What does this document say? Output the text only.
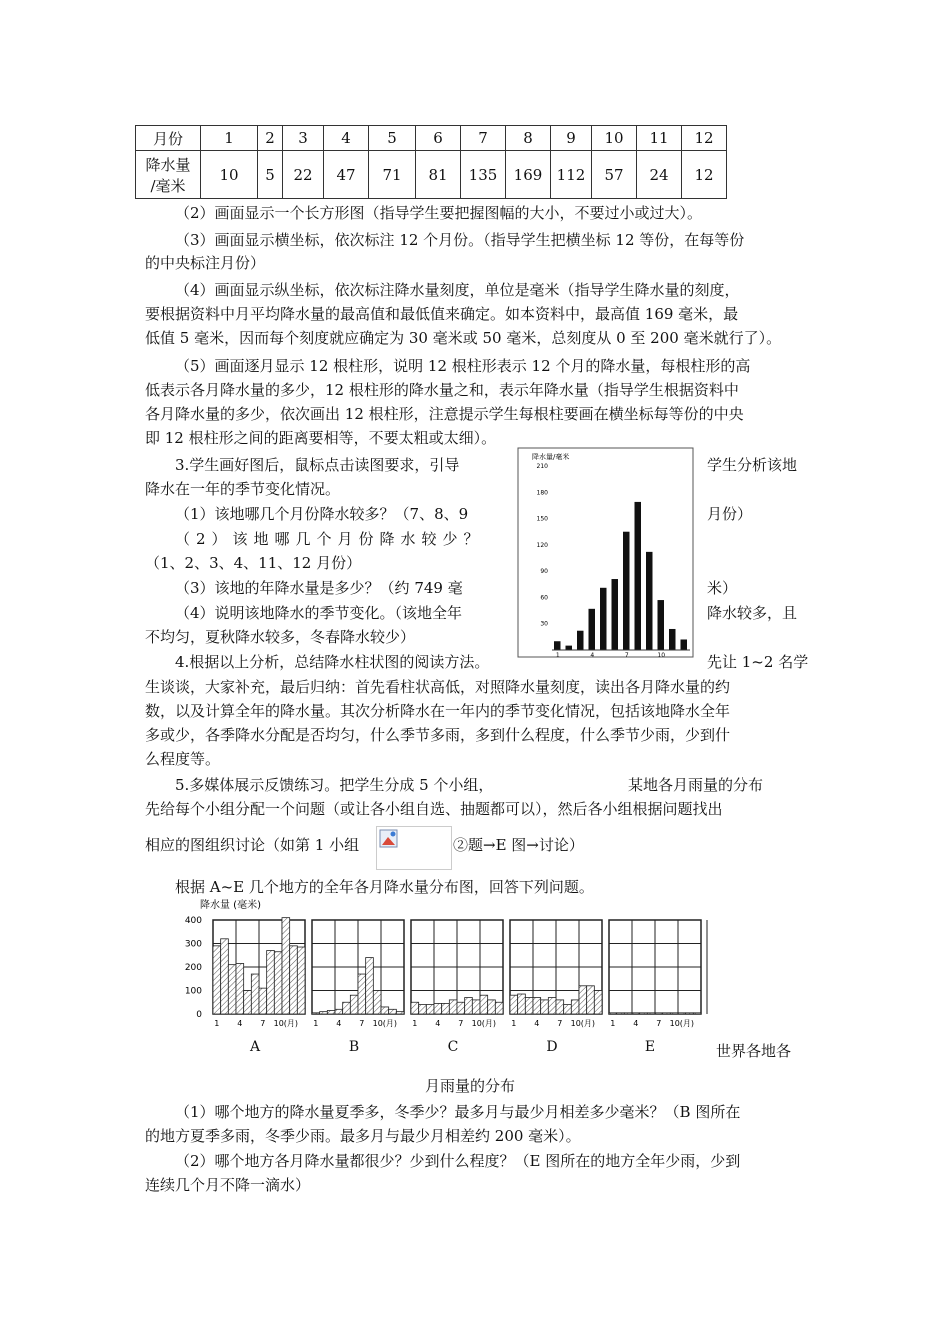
月份	1	2	3	4	5	6	7	8	9	10	11	12

降水量
/毫米	10	5	22	47	71	81	135	169	112	57	24	12
（2）画面显示一个长方形图（指导学生要把握图幅的大小，不要过小或过大）。
（3）画面显示横坐标，依次标注 12 个月份。（指导学生把横坐标 12 等份，在每等份
的中央标注月份）
（4）画面显示纵坐标，依次标注降水量刻度，单位是毫米（指导学生降水量的刻度，
要根据资料中月平均降水量的最高值和最低值来确定。如本资料中，最高值 169 毫米，最
低值 5 毫米，因而每个刻度就应确定为 30 毫米或 50 毫米，总刻度从 0 至 200 毫米就行了）。
（5）画面逐月显示 12 根柱形，说明 12 根柱形表示 12 个月的降水量，每根柱形的高
低表示各月降水量的多少，12 根柱形的降水量之和，表示年降水量（指导学生根据资料中
各月降水量的多少，依次画出 12 根柱形，注意提示学生每根柱要画在横坐标每等份的中央
即 12 根柱形之间的距离要相等，不要太粗或太细）。
3.学生画好图后，鼠标点击读图要求，引导	学生分析该地
降水在一年的季节变化情况。
（1）该地哪几个月份降水较多？（7、8、9	月份）
（2）该地哪几个月份降水较少？
（1、2、3、4、11、12 月份）
（3）该地的年降水量是多少？（约 749 毫	米）
（4）说明该地降水的季节变化。（该地全年	降水较多，且
不均匀，夏秋降水较多，冬春降水较少）
4.根据以上分析，总结降水柱状图的阅读方法。	先让 1~2 名学
生谈谈，大家补充，最后归纳：首先看柱状高低，对照降水量刻度，读出各月降水量的约
数，以及计算全年的降水量。其次分析降水在一年内的季节变化情况，包括该地降水全年
多或少，各季降水分配是否均匀，什么季节多雨，多到什么程度，什么季节少雨，少到什
么程度等。
5.多媒体展示反馈练习。把学生分成 5 个小组，	某地各月雨量的分布
先给每个小组分配一个问题（或让各小组自选、抽题都可以），然后各小组根据问题找出
相应的图组织讨论（如第 1 小组	②题→E 图→讨论）
根据 A~E 几个地方的全年各月降水量分布图，回答下列问题。
降水量/毫米
210
180
150
120
90
60
30
1	4	7	10
降水量 (毫米)
400
300
200
100
0
1 4 7 10(月) 1 4 7 10(月) 1 4 7 10(月) 1 4 7 10(月) 1 4 7 10(月)
A	B	C	D	E	世界各地各
月雨量的分布
（1）哪个地方的降水量夏季多，冬季少？最多月与最少月相差多少毫米？（B 图所在
的地方夏季多雨，冬季少雨。最多月与最少月相差约 200 毫米）。
（2）哪个地方各月降水量都很少？少到什么程度？（E 图所在的地方全年少雨，少到
连续几个月不降一滴水）
